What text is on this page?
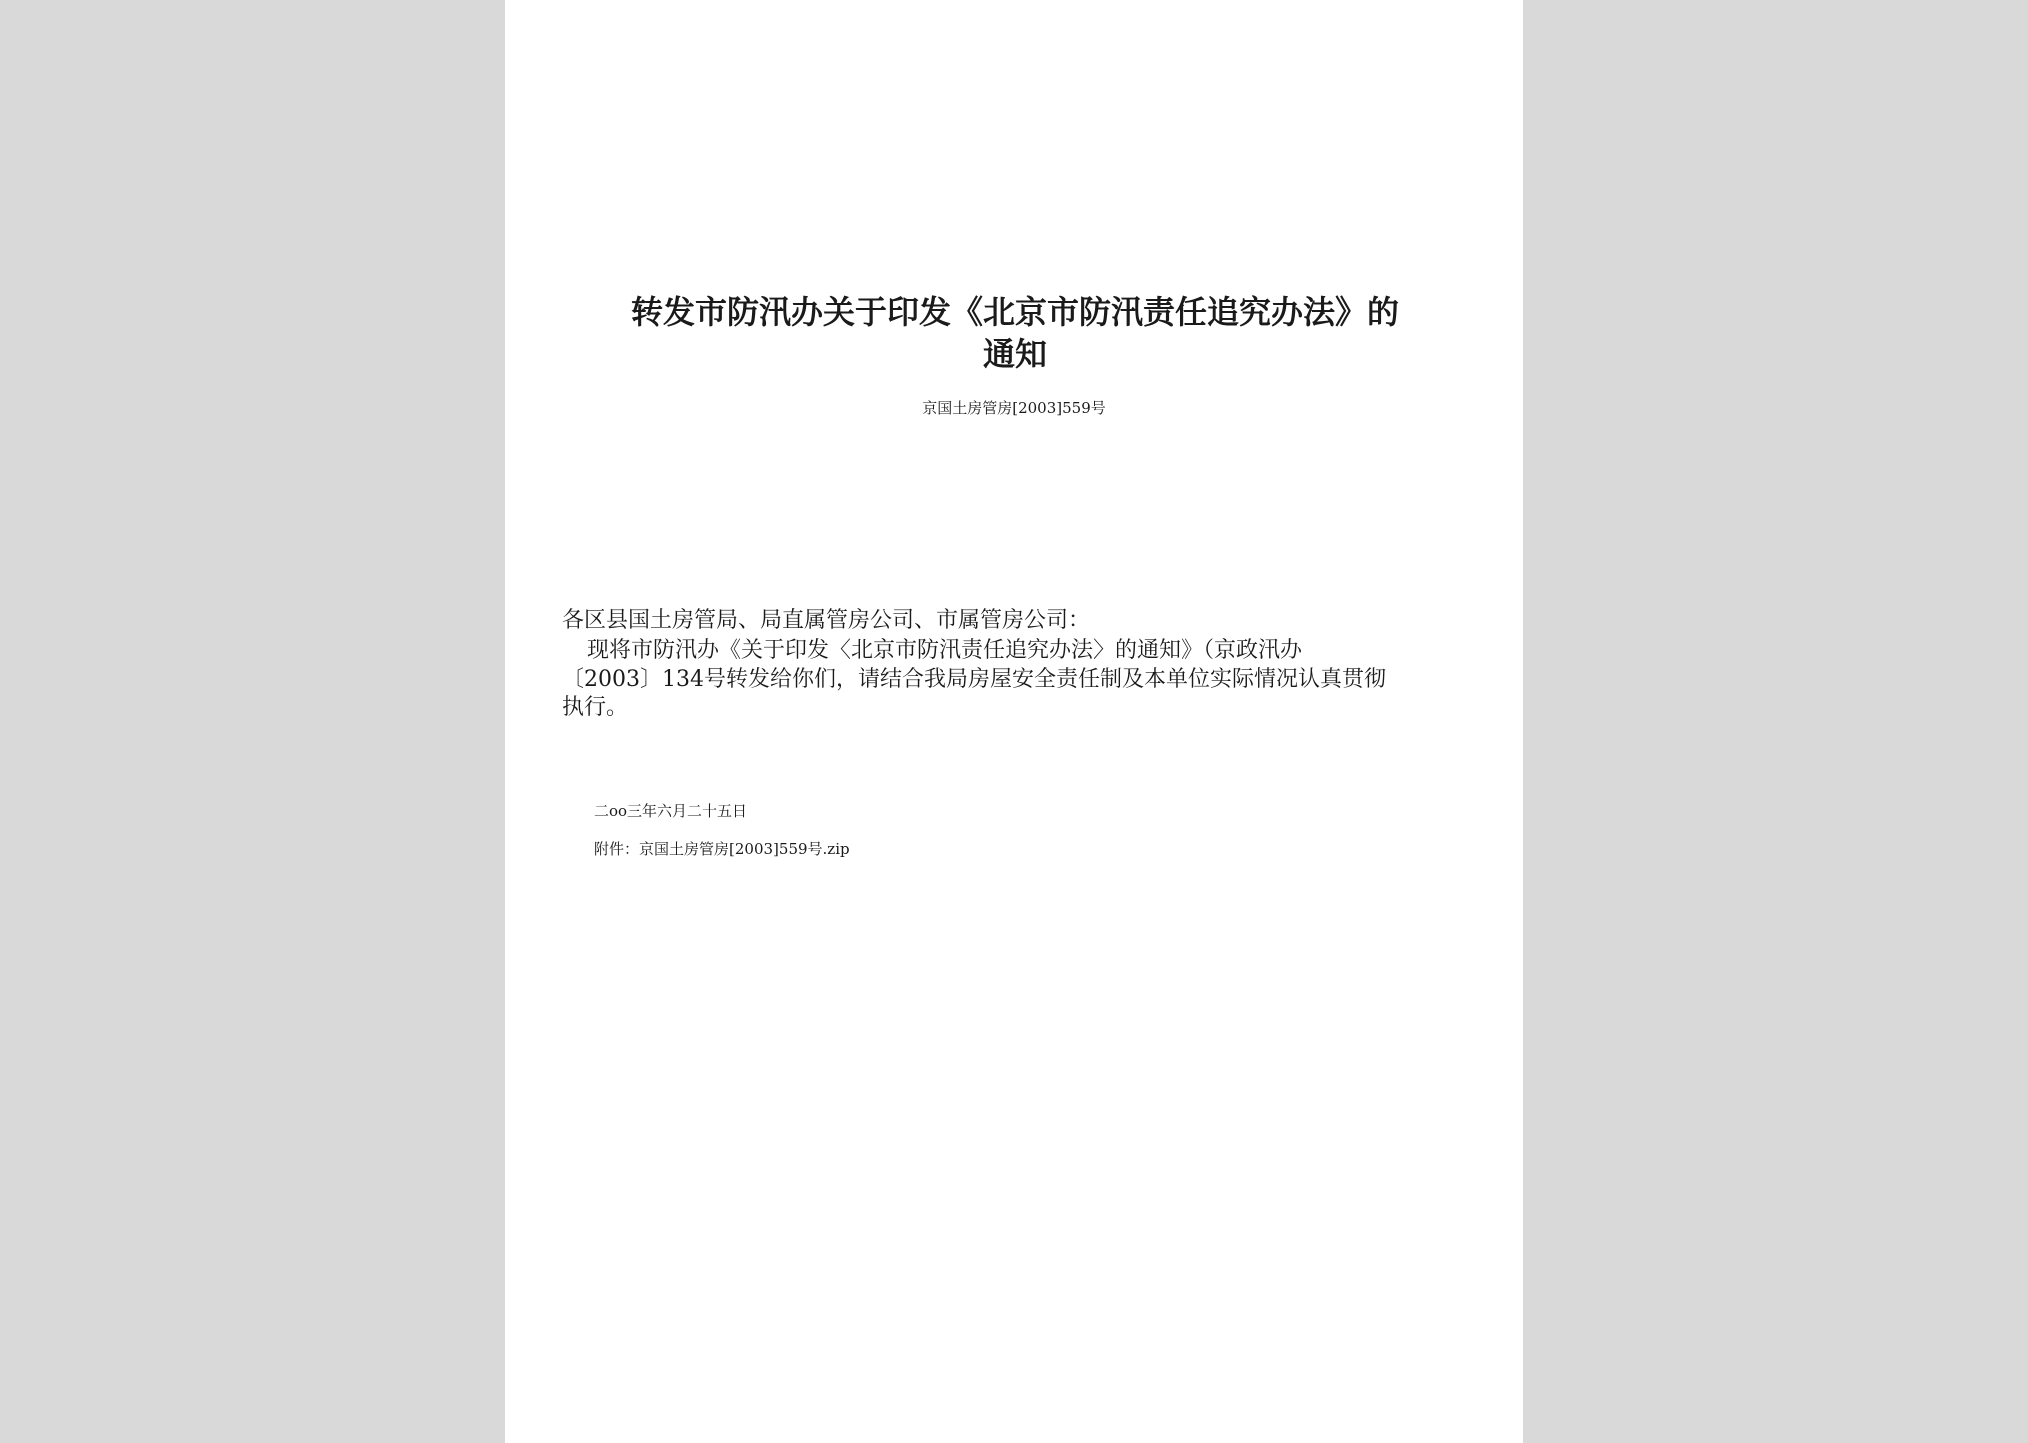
转发市防汛办关于印发《北京市防汛责任追究办法》的
通知
京国土房管房[2003]559号
各区县国土房管局、局直属管房公司、市属管房公司：
现将市防汛办《关于印发〈北京市防汛责任追究办法〉的通知》（京政汛办
〔2003〕134号转发给你们，请结合我局房屋安全责任制及本单位实际情况认真贯彻
执行。
二oo三年六月二十五日
附件：京国土房管房[2003]559号.zip
